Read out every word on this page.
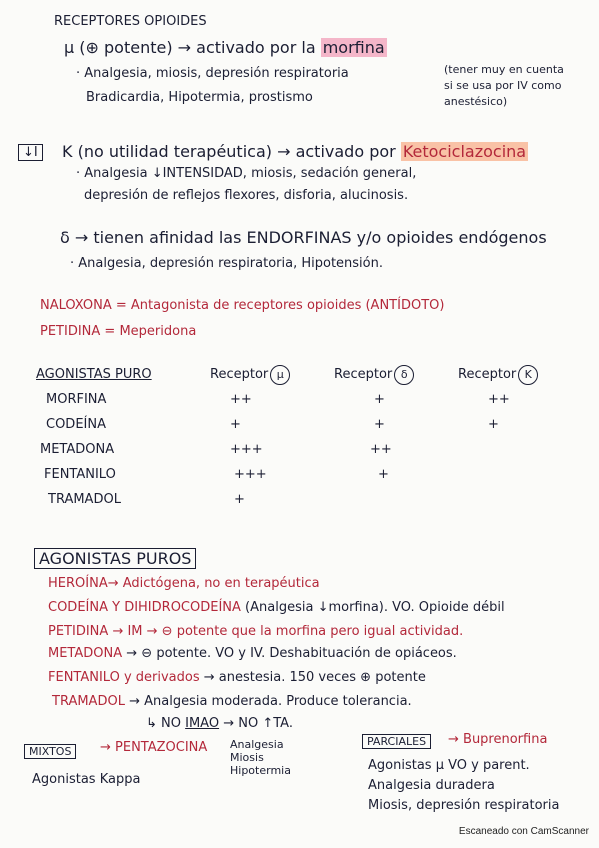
RECEPTORES OPIOIDES
μ (⊕ potente) → activado por la morfina
· Analgesia, miosis, depresión respiratoria
Bradicardia, Hipotermia, prostismo
(tener muy en cuenta si se usa por IV como anestésico)
↓I	K (no utilidad terapéutica) → activado por Ketociclazocina
· Analgesia ↓INTENSIDAD, miosis, sedación general,
depresión de reflejos flexores, disforia, alucinosis.
δ → tienen afinidad las ENDORFINAS y/o opioides endógenos
· Analgesia, depresión respiratoria, Hipotensión.
NALOXONA = Antagonista de receptores opioides (ANTÍDOTO)
PETIDINA = Meperidona
AGONISTAS PURO	Receptor μ	Receptor δ	Receptor K
MORFINA	++	+	++
CODEÍNA	+	+	+
METADONA	+++	++	
FENTANILO	+++	+	
TRAMADOL	+		
AGONISTAS PUROS
HEROÍNA→ Adictógena, no en terapéutica
CODEÍNA Y DIHIDROCODEÍNA (Analgesia ↓morfina). VO. Opioide débil
PETIDINA → IM → ⊖ potente que la morfina pero igual actividad.
METADONA → ⊖ potente. VO y IV. Deshabituación de opiáceos.
FENTANILO y derivados → anestesia. 150 veces ⊕ potente
TRAMADOL → Analgesia moderada. Produce tolerancia.
↳ NO IMAO → NO ↑TA.
MIXTOS	→ PENTAZOCINA Analgesia
Miosis
Hipotermia
Agonistas Kappa
PARCIALES	→ Buprenorfina
Agonistas μ VO y parent.
Analgesia duradera
Miosis, depresión respiratoria
Escaneado con CamScanner
